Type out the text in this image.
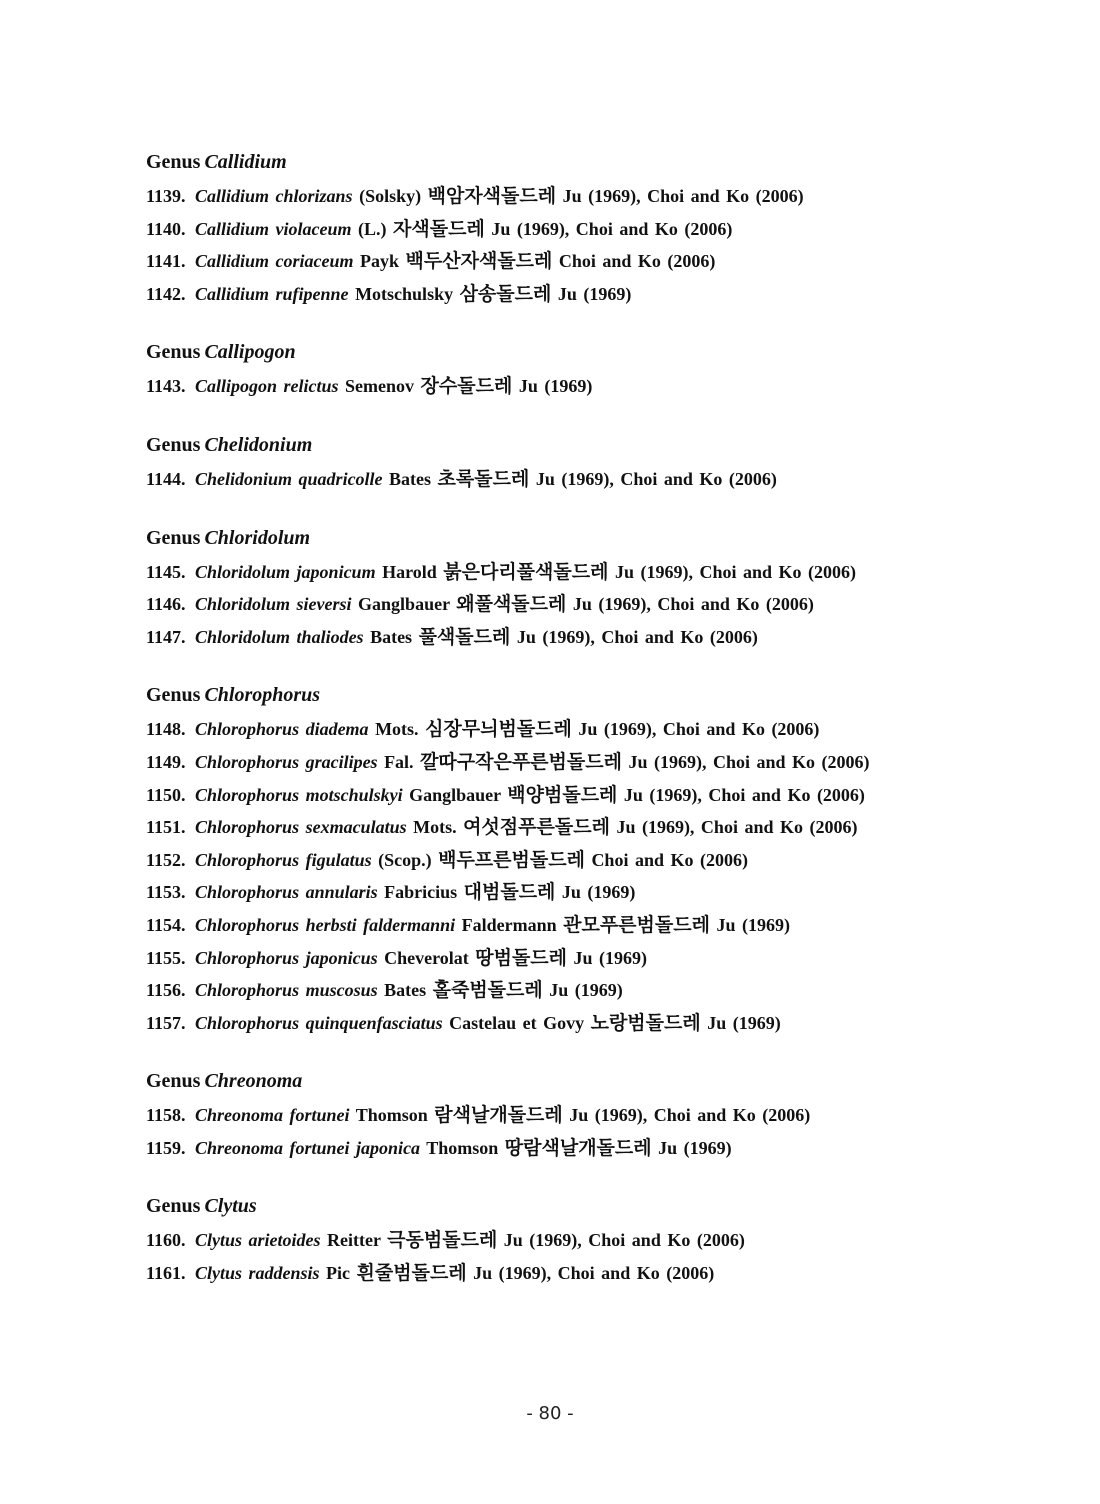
Genus Callidium
1139. Callidium chlorizans (Solsky) 백암자색돌드레 Ju (1969), Choi and Ko (2006)
1140. Callidium violaceum (L.) 자색돌드레 Ju (1969), Choi and Ko (2006)
1141. Callidium coriaceum Payk 백두산자색돌드레 Choi and Ko (2006)
1142. Callidium rufipenne Motschulsky 삼송돌드레 Ju (1969)
Genus Callipogon
1143. Callipogon relictus Semenov 장수돌드레 Ju (1969)
Genus Chelidonium
1144. Chelidonium quadricolle Bates 초록돌드레 Ju (1969), Choi and Ko (2006)
Genus Chloridolum
1145. Chloridolum japonicum Harold 붉은다리풀색돌드레 Ju (1969), Choi and Ko (2006)
1146. Chloridolum sieversi Ganglbauer 왜풀색돌드레 Ju (1969), Choi and Ko (2006)
1147. Chloridolum thaliodes Bates 풀색돌드레 Ju (1969), Choi and Ko (2006)
Genus Chlorophorus
1148. Chlorophorus diadema Mots. 심장무늬범돌드레 Ju (1969), Choi and Ko (2006)
1149. Chlorophorus gracilipes Fal. 깔따구작은푸른범돌드레 Ju (1969), Choi and Ko (2006)
1150. Chlorophorus motschulskyi Ganglbauer 백양범돌드레 Ju (1969), Choi and Ko (2006)
1151. Chlorophorus sexmaculatus Mots. 여섯점푸른돌드레 Ju (1969), Choi and Ko (2006)
1152. Chlorophorus figulatus (Scop.) 백두프른범돌드레 Choi and Ko (2006)
1153. Chlorophorus annularis Fabricius 대범돌드레 Ju (1969)
1154. Chlorophorus herbsti faldermanni Faldermann 관모푸른범돌드레 Ju (1969)
1155. Chlorophorus japonicus Cheverolat 땅범돌드레 Ju (1969)
1156. Chlorophorus muscosus Bates 홀죽범돌드레 Ju (1969)
1157. Chlorophorus quinquenfasciatus Castelau et Govy 노랑범돌드레 Ju (1969)
Genus Chreonoma
1158. Chreonoma fortunei Thomson 람색날개돌드레 Ju (1969), Choi and Ko (2006)
1159. Chreonoma fortunei japonica Thomson 땅람색날개돌드레 Ju (1969)
Genus Clytus
1160. Clytus arietoides Reitter 극동범돌드레 Ju (1969), Choi and Ko (2006)
1161. Clytus raddensis Pic 흰줄범돌드레 Ju (1969), Choi and Ko (2006)
- 80 -
